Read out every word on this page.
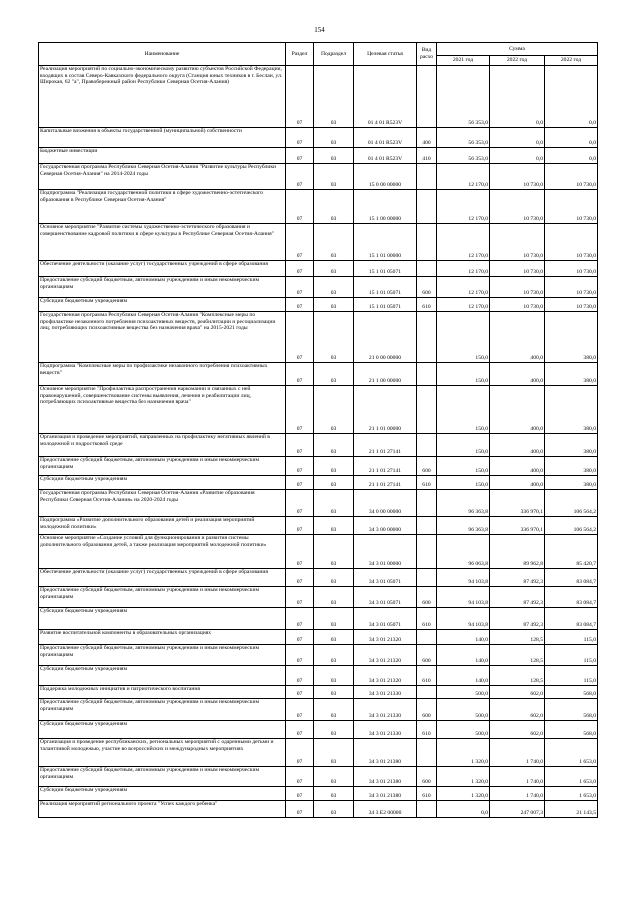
154
Наименование	Раздел	Подраздел	Целевая статья	Вид расхо	Сумма		
					2021 год	2022 год	2022 год
Реализация мероприятий по социально-экономическому развитию субъектов Российской Федерации, входящих в состав Северо-Кавказского федерального округа (Станция юных техников в г. Беслан, ул. Широкая, 62 "а", Правобережный район Республики Северная Осетия-Алания)	07	03	01 4 01 R523V		56 353,0	0,0	0,0
Капитальные вложения в объекты государственной (муниципальной) собственности	07	03	01 4 01 R523V	400	56 353,0	0,0	0,0
Бюджетные инвестиции	07	03	01 4 01 R523V	410	56 353,0	0,0	0,0
Государственная программа Республики Северная Осетия-Алания "Развитие культуры Республики Северная Осетия-Алания" на 2014-2024 годы	07	03	15 0 00 00000		12 170,0	10 730,0	10 730,0
Подпрограмма "Реализация государственной политики в сфере художественно-эстетического образования в Республике Северная Осетия-Алания"	07	03	15 1 00 00000		12 170,0	10 730,0	10 730,0
Основное мероприятие "Развитие системы художественно-эстетического образования и совершенствование кадровой политики в сфере культуры в Республике Северная Осетия-Алания"	07	03	15 1 01 00000		12 170,0	10 730,0	10 730,0
Обеспечение деятельности (оказание услуг) государственных учреждений в сфере образования	07	03	15 1 01 05071		12 170,0	10 730,0	10 730,0
Предоставление субсидий бюджетным, автономным учреждениям и иным некоммерческим организациям	07	03	15 1 01 05071	600	12 170,0	10 730,0	10 730,0
Субсидии бюджетным учреждениям	07	03	15 1 01 05071	610	12 170,0	10 730,0	10 730,0
Государственная программа Республики Северная Осетия-Алания "Комплексные меры по профилактике незаконного потребления психоактивных веществ, реабилитации и ресоциализации лиц, потребляющих психоактивные вещества без назначения врача" на 2015-2021 годы	07	03	21 0 00 00000		150,0	400,0	380,0
Подпрограмма "Комплексные меры по профилактике незаконного потребления психоактивных веществ"	07	03	21 1 00 00000		150,0	400,0	380,0
Основное мероприятие "Профилактика распространения наркомании и связанных с ней правонарушений, совершенствование системы выявления, лечения и реабилитации лиц, потребляющих психоактивные вещества без назначения врача"	07	03	21 1 01 00000		150,0	400,0	380,0
Организация и проведение мероприятий, направленных на профилактику негативных явлений в молодежной и подростковой среде	07	03	21 1 01 27141		150,0	400,0	380,0
Предоставление субсидий бюджетным, автономным учреждениям и иным некоммерческим организациям	07	03	21 1 01 27141	600	150,0	400,0	380,0
Субсидии бюджетным учреждениям	07	03	21 1 01 27141	610	150,0	400,0	380,0
Государственная программа Республики Северная Осетия-Алания «Развитие образования Республики Северная Осетия-Алания» на 2020-2024 годы	07	03	34 0 00 00000		96 363,8	336 970,1	106 564,2
Подпрограмма «Развитие дополнительного образования детей и реализация мероприятий молодежной политики»	07	03	34 3 00 00000		96 363,8	336 970,1	106 564,2
Основное мероприятие «Создание условий для функционирования и развития системы дополнительного образования детей, а также реализация мероприятий молодежной политики»	07	03	34 3 01 00000		96 063,8	89 962,8	85 420,7
Обеспечение деятельности (оказание услуг) государственных учреждений в сфере образования	07	03	34 3 01 05071		94 103,8	87 492,3	83 084,7
Предоставление субсидий бюджетным, автономным учреждениям и иным некоммерческим организациям	07	03	34 3 01 05071	600	94 103,8	87 492,3	83 084,7
Субсидии бюджетным учреждениям	07	03	34 3 01 05071	610	94 103,8	87 492,3	83 084,7
Развитие воспитательной компоненты в образовательных организациях	07	03	34 3 01 21320		140,0	128,5	115,0
Предоставление субсидий бюджетным, автономным учреждениям и иным некоммерческим организациям	07	03	34 3 01 21320	600	140,0	128,5	115,0
Субсидии бюджетным учреждениям	07	03	34 3 01 21320	610	140,0	128,5	115,0
Поддержка молодежных инициатив и патриотического воспитания	07	03	34 3 01 21330		500,0	602,0	568,0
Предоставление субсидий бюджетным, автономным учреждениям и иным некоммерческим организациям	07	03	34 3 01 21330	600	500,0	602,0	568,0
Субсидии бюджетным учреждениям	07	03	34 3 01 21330	610	500,0	602,0	568,0
Организация и проведение республиканских, региональных мероприятий с одаренными детьми и талантливой молодежью, участие во всероссийских и международных мероприятиях	07	03	34 3 01 21380		1 320,0	1 740,0	1 653,0
Предоставление субсидий бюджетным, автономным учреждениям и иным некоммерческим организациям	07	03	34 3 01 21380	600	1 320,0	1 740,0	1 653,0
Субсидии бюджетным учреждениям	07	03	34 3 01 21380	610	1 320,0	1 740,0	1 653,0
Реализация мероприятий регионального проекта "Успех каждого ребенка"	07	03	34 3 E2 00000		0,0	247 007,3	21 143,5
